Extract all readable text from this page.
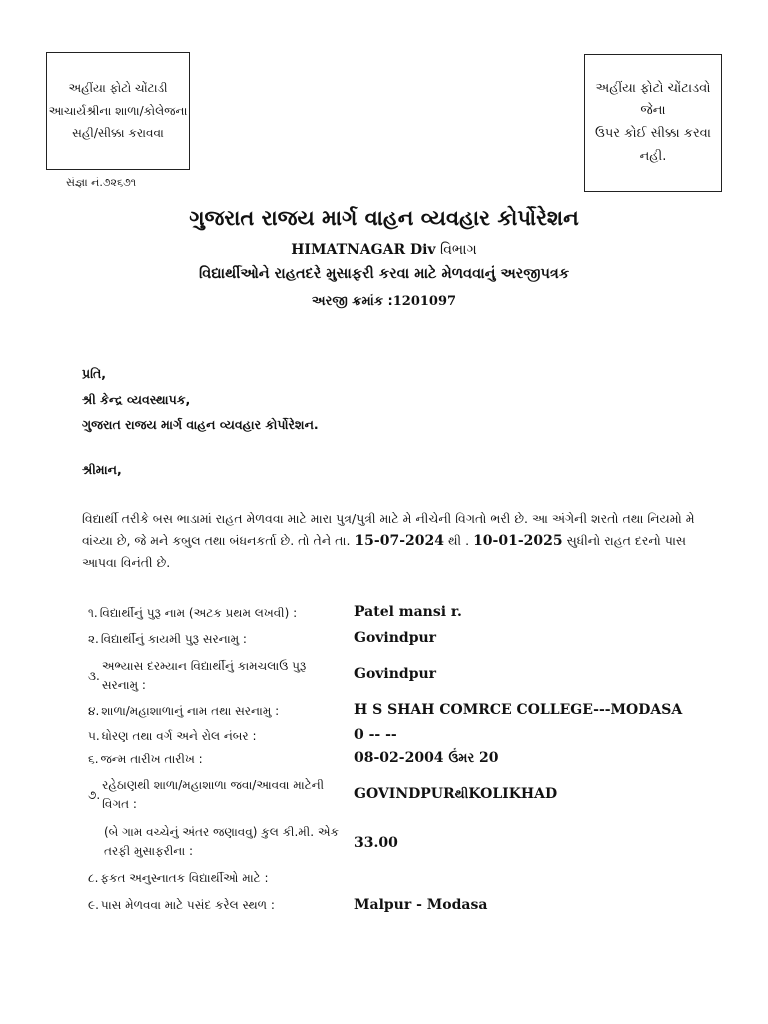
અહીંયા ફોટો ચોંટાડી
આચાર્યશ્રીના શાળા/કોલેજના
સહી/સીક્કા કરાવવા
સંજ્ઞા નં.૭૨૬૭૧
અહીંયા ફોટો ચોંટાડવો જેના
ઉપર કોઈ સીક્કા કરવા
નહી.
ગુજરાત રાજય માર્ગ વાહન વ્યવહાર કોર્પોરેશન
HIMATNAGAR Div વિભાગ
વિદ્યાર્થીઓને રાહતદરે મુસાફરી કરવા માટે મેળવવાનું અરજીપત્રક
અરજી ક્રમાંક :1201097
પ્રતિ,
શ્રી કેન્દ્ર વ્યવસ્થાપક,
ગુજરાત રાજય માર્ગ વાહન વ્યવહાર કોર્પોરેશન.
શ્રીમાન,
વિદ્યાર્થી તરીકે બસ ભાડામાં રાહત મેળવવા માટે મારા પુત્ર/પુત્રી માટે મે નીચેની વિગતો ભરી છે. આ અંગેની શરતો તથા નિયમો મે વાંચ્યા છે, જે મને કબુલ તથા બંધનકર્તા છે. તો તેને તા. 15-07-2024 થી . 10-01-2025 સુધીનો રાહત દરનો પાસ આપવા વિનંતી છે.
૧. વિદ્યાર્થીનું પુરૂ નામ (અટક પ્રથમ લખવી) :	Patel mansi r.
૨. વિદ્યાર્થીનું કાયમી પુરૂ સરનામુ :	Govindpur
૩.
અભ્યાસ દરમ્યાન વિદ્યાર્થીનું કામચલાઉ પુરૂ સરનામુ :
Govindpur
૪. શાળા/મહાશાળાનું નામ તથા સરનામુ :	H S SHAH COMRCE COLLEGE---MODASA
૫. ધોરણ તથા વર્ગ અને રોલ નંબર :	0 -- --
૬. જન્મ તારીખ તારીખ :	08-02-2004 ઉંમર 20
૭.
રહેઠાણથી શાળા/મહાશાળા જવા/આવવા માટેની વિગત :
GOVINDPURથીKOLIKHAD
(બે ગામ વચ્ચેનું અંતર જણાવવુ) કુલ કી.મી. એક તરફી મુસાફરીના :	33.00
૮. ફકત અનુસ્નાતક વિદ્યાર્થીઓ માટે :
૯. પાસ મેળવવા માટે પસંદ કરેલ સ્થળ :	Malpur - Modasa
